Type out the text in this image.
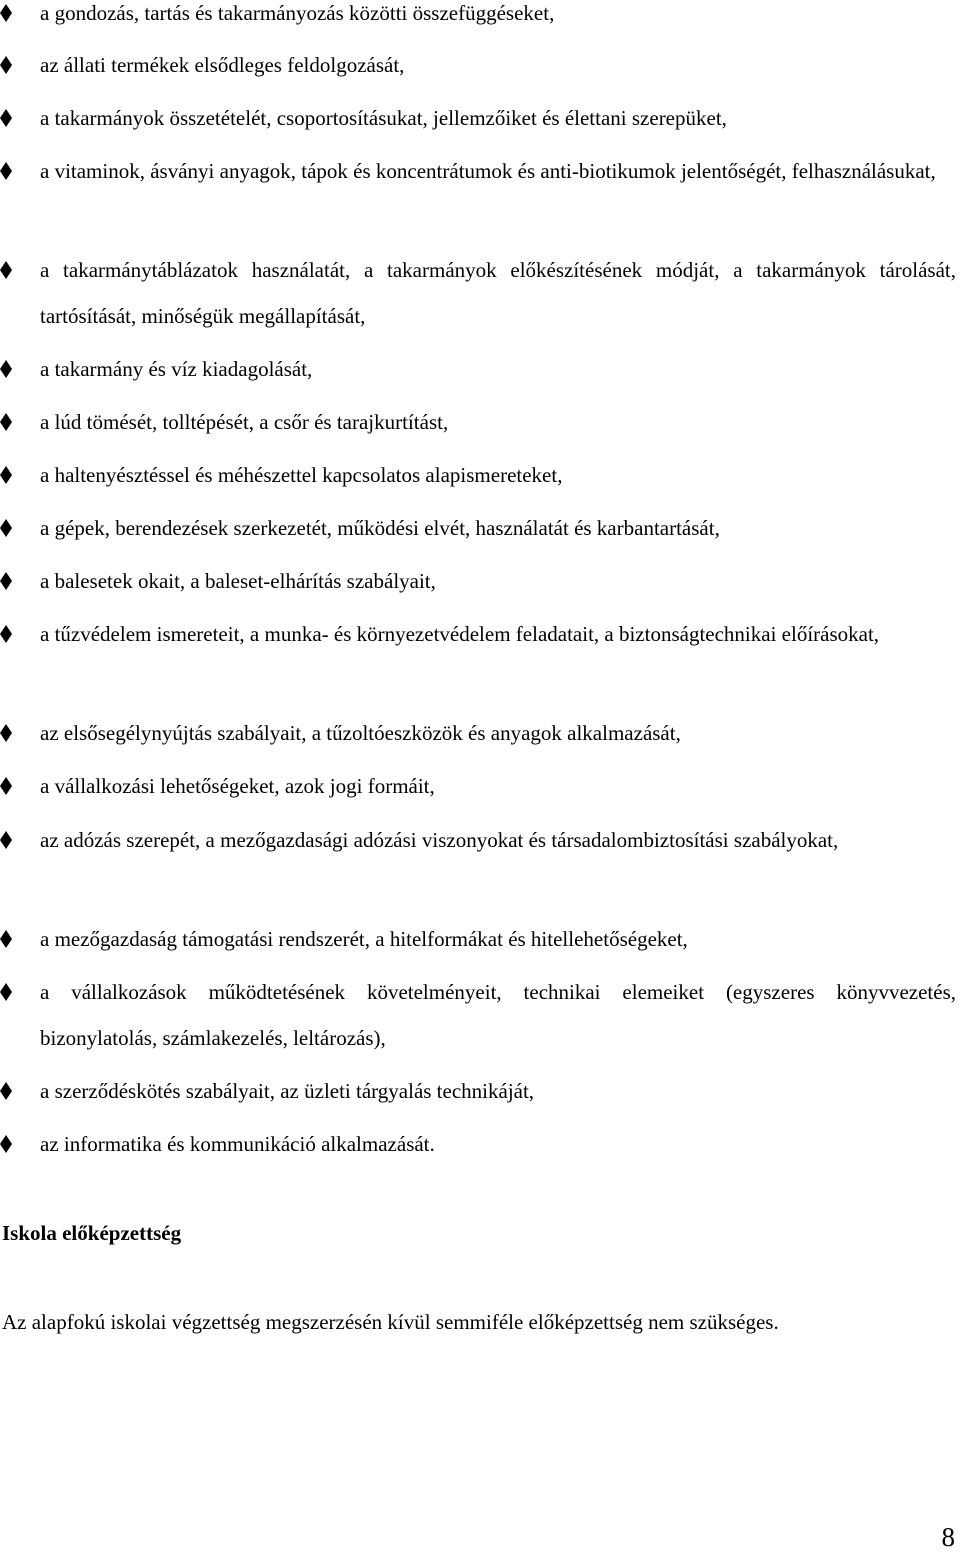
a gondozás, tartás és takarmányozás közötti összefüggéseket,
az állati termékek elsődleges feldolgozását,
a takarmányok összetételét, csoportosításukat, jellemzőiket és élettani szerepüket,
a vitaminok, ásványi anyagok, tápok és koncentrátumok és anti-biotikumok jelentőségét, felhasználásukat,
a takarmánytáblázatok használatát, a takarmányok előkészítésének módját, a takarmányok tárolását, tartósítását, minőségük megállapítását,
a takarmány és víz kiadagolását,
a lúd tömését, tolltépését, a csőr és tarajkurtítást,
a haltenyésztéssel és méhészettel kapcsolatos alapismereteket,
a gépek, berendezések szerkezetét, működési elvét, használatát és karbantartását,
a balesetek okait, a baleset-elhárítás szabályait,
a tűzvédelem ismereteit, a munka- és környezetvédelem feladatait, a biztonságtechnikai előírásokat,
az elsősegélynyújtás szabályait, a tűzoltóeszközök és anyagok alkalmazását,
a vállalkozási lehetőségeket, azok jogi formáit,
az adózás szerepét, a mezőgazdasági adózási viszonyokat és társadalombiztosítási szabályokat,
a mezőgazdaság támogatási rendszerét, a hitelformákat és hitellehetőségeket,
a vállalkozások működtetésének követelményeit, technikai elemeiket (egyszeres könyvvezetés, bizonylatolás, számlakezelés, leltározás),
a szerződéskötés szabályait, az üzleti tárgyalás technikáját,
az informatika és kommunikáció alkalmazását.
Iskola előképzettség
Az alapfokú iskolai végzettség megszerzésén kívül semmiféle előképzettség nem szükséges.
8
